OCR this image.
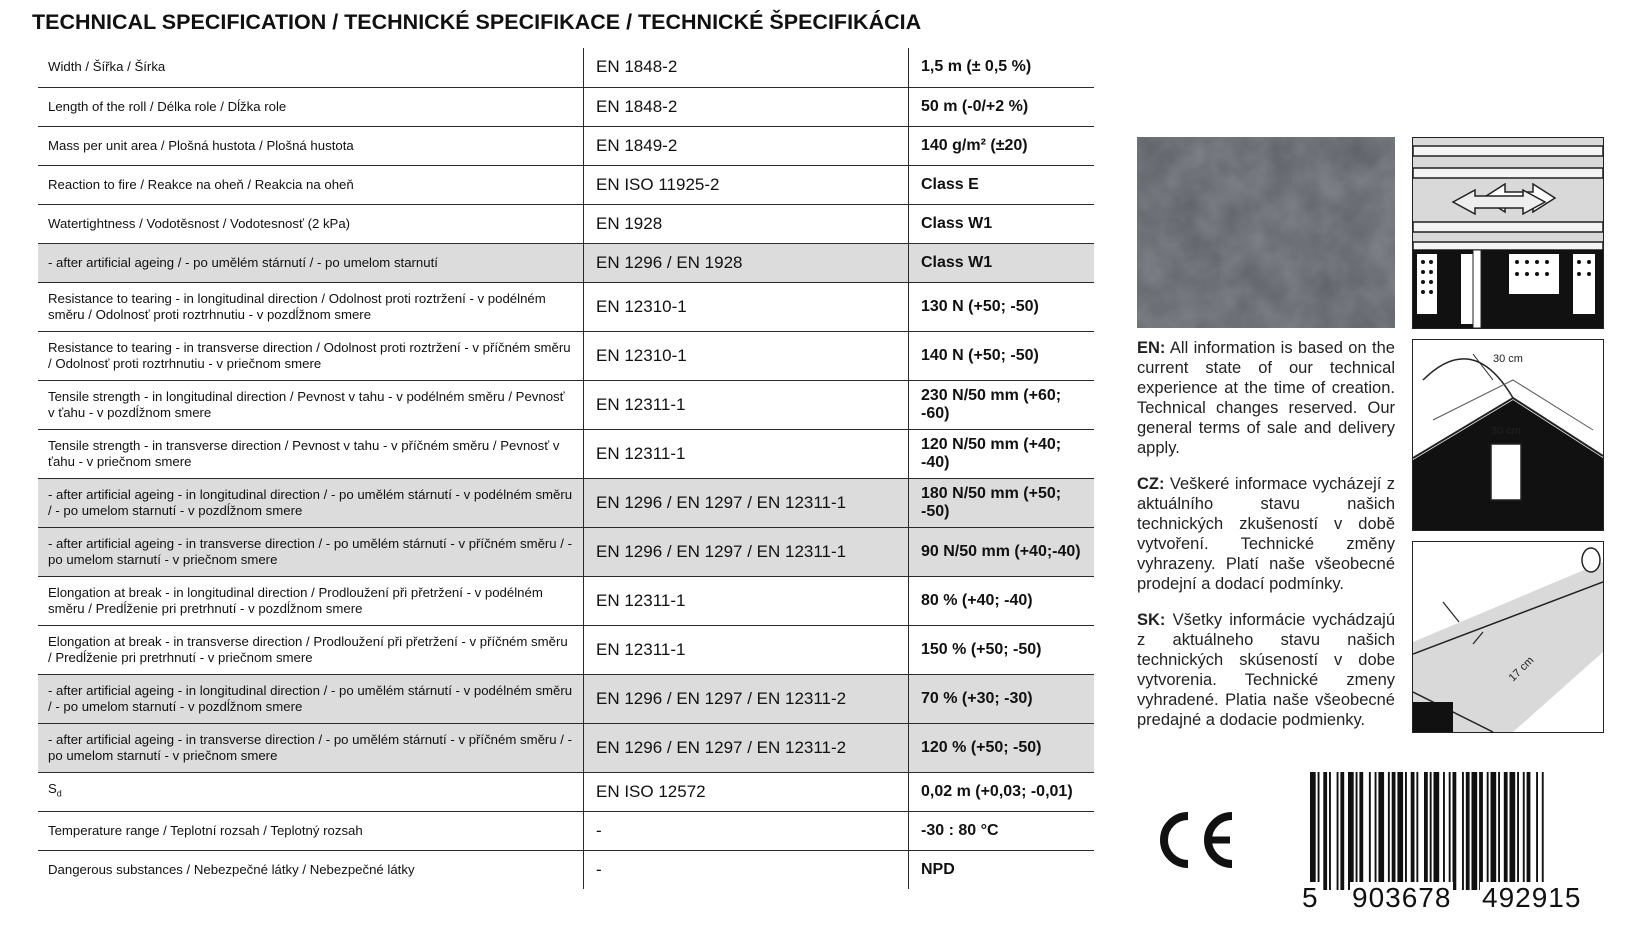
TECHNICAL SPECIFICATION / TECHNICKÉ SPECIFIKACE / TECHNICKÉ ŠPECIFIKÁCIA
Width / Šířka / Šírka	EN 1848-2	1,5 m (± 0,5 %)
Length of the roll / Délka role / Dĺžka role	EN 1848-2	50 m (-0/+2 %)
Mass per unit area / Plošná hustota / Plošná hustota	EN 1849-2	140 g/m² (±20)
Reaction to fire / Reakce na oheň / Reakcia na oheň	EN ISO 11925-2	Class E
Watertightness / Vodotěsnost / Vodotesnosť (2 kPa)	EN 1928	Class W1
- after artificial ageing / - po umělém stárnutí / - po umelom starnutí	EN 1296 / EN 1928	Class W1
Resistance to tearing - in longitudinal direction / Odolnost proti roztržení - v podélném směru / Odolnosť proti roztrhnutiu - v pozdĺžnom smere	EN 12310-1	130 N (+50; -50)
Resistance to tearing - in transverse direction / Odolnost proti roztržení - v příčném směru / Odolnosť proti roztrhnutiu - v priečnom smere	EN 12310-1	140 N (+50; -50)
Tensile strength - in longitudinal direction / Pevnost v tahu - v podélném směru / Pevnosť v ťahu - v pozdĺžnom smere	EN 12311-1	230 N/50 mm (+60; -60)
Tensile strength - in transverse direction / Pevnost v tahu - v příčném směru / Pevnosť v ťahu - v priečnom smere	EN 12311-1	120 N/50 mm (+40; -40)
- after artificial ageing - in longitudinal direction / - po umělém stárnutí - v podélném směru / - po umelom starnutí - v pozdĺžnom smere	EN 1296 / EN 1297 / EN 12311-1	180 N/50 mm (+50; -50)
- after artificial ageing - in transverse direction / - po umělém stárnutí - v příčném směru / - po umelom starnutí - v priečnom smere	EN 1296 / EN 1297 / EN 12311-1	90 N/50 mm (+40;-40)
Elongation at break - in longitudinal direction / Prodloužení při přetržení - v podélném směru / Predĺženie pri pretrhnutí - v pozdĺžnom smere	EN 12311-1	80 % (+40; -40)
Elongation at break - in transverse direction / Prodloužení při přetržení - v příčném směru / Predĺženie pri pretrhnutí - v priečnom smere	EN 12311-1	150 % (+50; -50)
- after artificial ageing - in longitudinal direction / - po umělém stárnutí - v podélném směru / - po umelom starnutí - v pozdĺžnom smere	EN 1296 / EN 1297 / EN 12311-2	70 % (+30; -30)
- after artificial ageing - in transverse direction / - po umělém stárnutí - v příčném směru / - po umelom starnutí - v priečnom smere	EN 1296 / EN 1297 / EN 12311-2	120 % (+50; -50)
$S_d$	EN ISO 12572	0,02 m (+0,03; -0,01)
Temperature range / Teplotní rozsah / Teplotný rozsah	-	-30 : 80 °C
Dangerous substances / Nebezpečné látky / Nebezpečné látky	-	NPD
30 cm
30 cm
17 cm

EN: All information is based on the current state of our technical experience at the time of creation. Technical changes reserved. Our general terms of sale and delivery apply.

CZ: Veškeré informace vycházejí z aktuálního stavu našich technických zkušeností v době vytvoření. Technické změny vyhrazeny. Platí naše všeobecné prodejní a dodací podmínky.

SK: Všetky informácie vychádzajú z aktuálneho stavu našich technických skúseností v dobe vytvorenia. Technické zmeny vyhradené. Platia naše všeobecné predajné a dodacie podmienky.

5 903678 492915
